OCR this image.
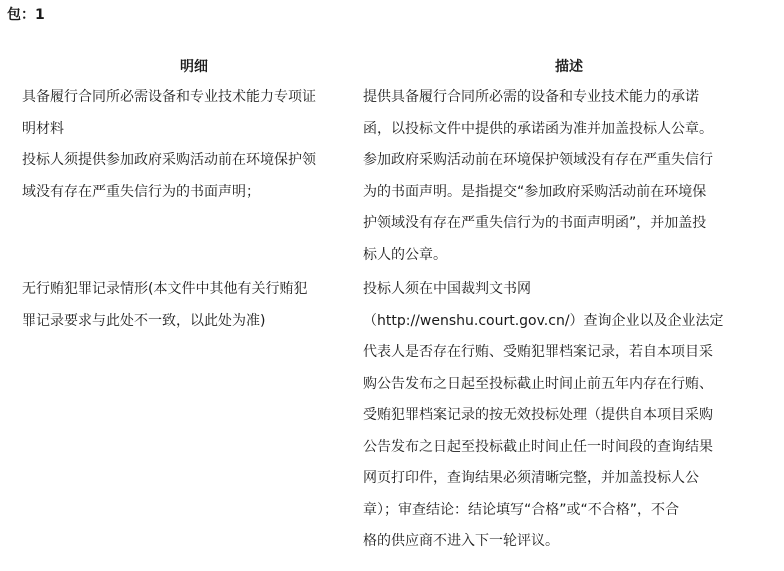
包：1
明细	描述
具备履行合同所必需设备和专业技术能力专项证
明材料
提供具备履行合同所必需的设备和专业技术能力的承诺
函，以投标文件中提供的承诺函为准并加盖投标人公章。
投标人须提供参加政府采购活动前在环境保护领
域没有存在严重失信行为的书面声明；
参加政府采购活动前在环境保护领域没有存在严重失信行
为的书面声明。是指提交“参加政府采购活动前在环境保
护领域没有存在严重失信行为的书面声明函”，并加盖投
标人的公章。
无行贿犯罪记录情形(本文件中其他有关行贿犯
罪记录要求与此处不一致，以此处为准)
投标人须在中国裁判文书网
（http://wenshu.court.gov.cn/）查询企业以及企业法定
代表人是否存在行贿、受贿犯罪档案记录，若自本项目采
购公告发布之日起至投标截止时间止前五年内存在行贿、
受贿犯罪档案记录的按无效投标处理（提供自本项目采购
公告发布之日起至投标截止时间止任一时间段的查询结果
网页打印件，查询结果必须清晰完整，并加盖投标人公
章）；审查结论：结论填写“合格”或“不合格”，不合
格的供应商不进入下一轮评议。
